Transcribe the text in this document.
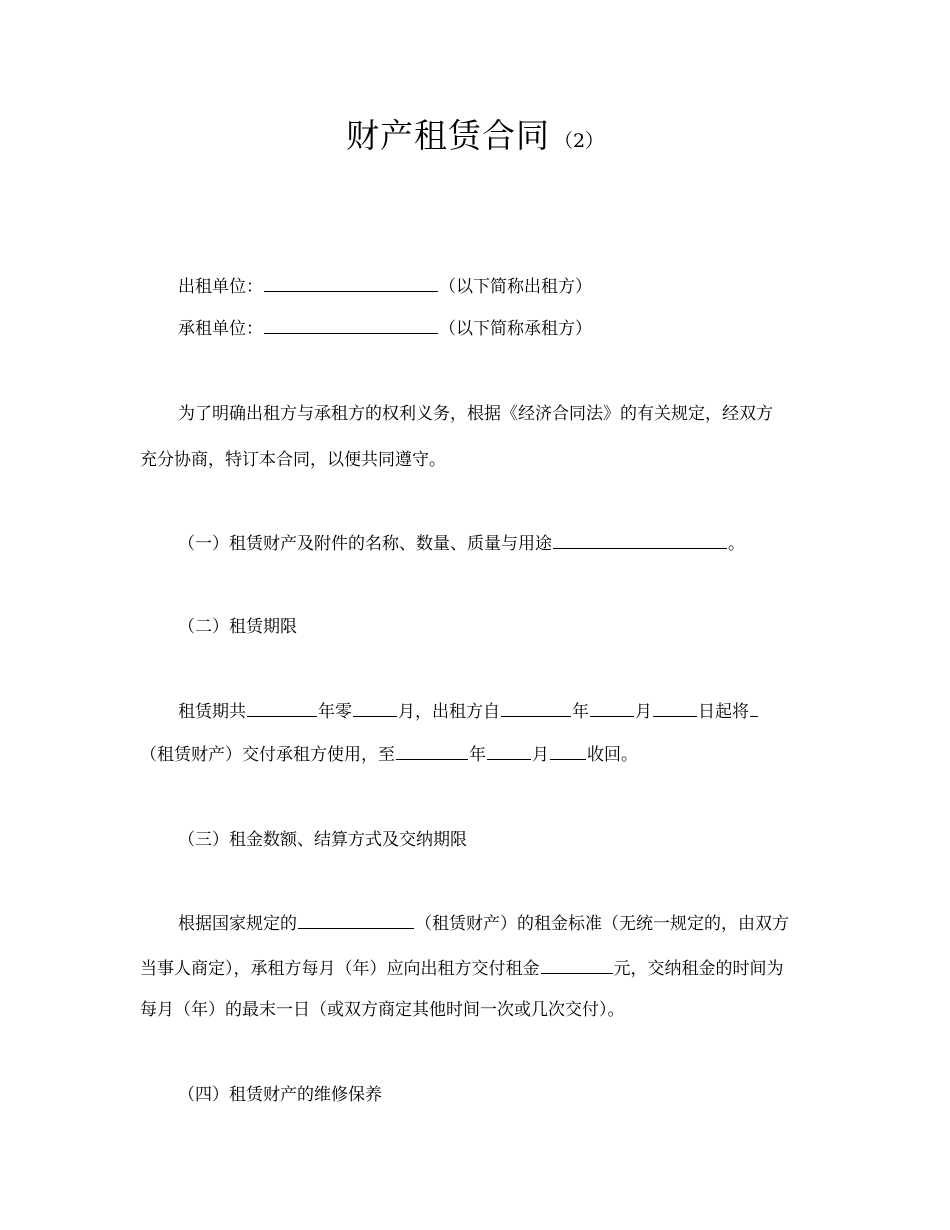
财产租赁合同 （2）
出租单位：	（以下简称出租方）
承租单位：	（以下简称承租方）
为了明确出租方与承租方的权利义务，根据《经济合同法》的有关规定，经双方
充分协商，特订本合同，以便共同遵守。
（一）租赁财产及附件的名称、数量、质量与用途	。
（二）租赁期限
租赁期共	年零	月，出租方自	年	月	日起将
（租赁财产）交付承租方使用，至	年	月 收回。
（三）租金数额、结算方式及交纳期限
根据国家规定的	（租赁财产）的租金标准（无统一规定的，由双方
当事人商定），承租方每月（年）应向出租方交付租金	元，交纳租金的时间为
每月（年）的最末一日（或双方商定其他时间一次或几次交付）。
（四）租赁财产的维修保养
